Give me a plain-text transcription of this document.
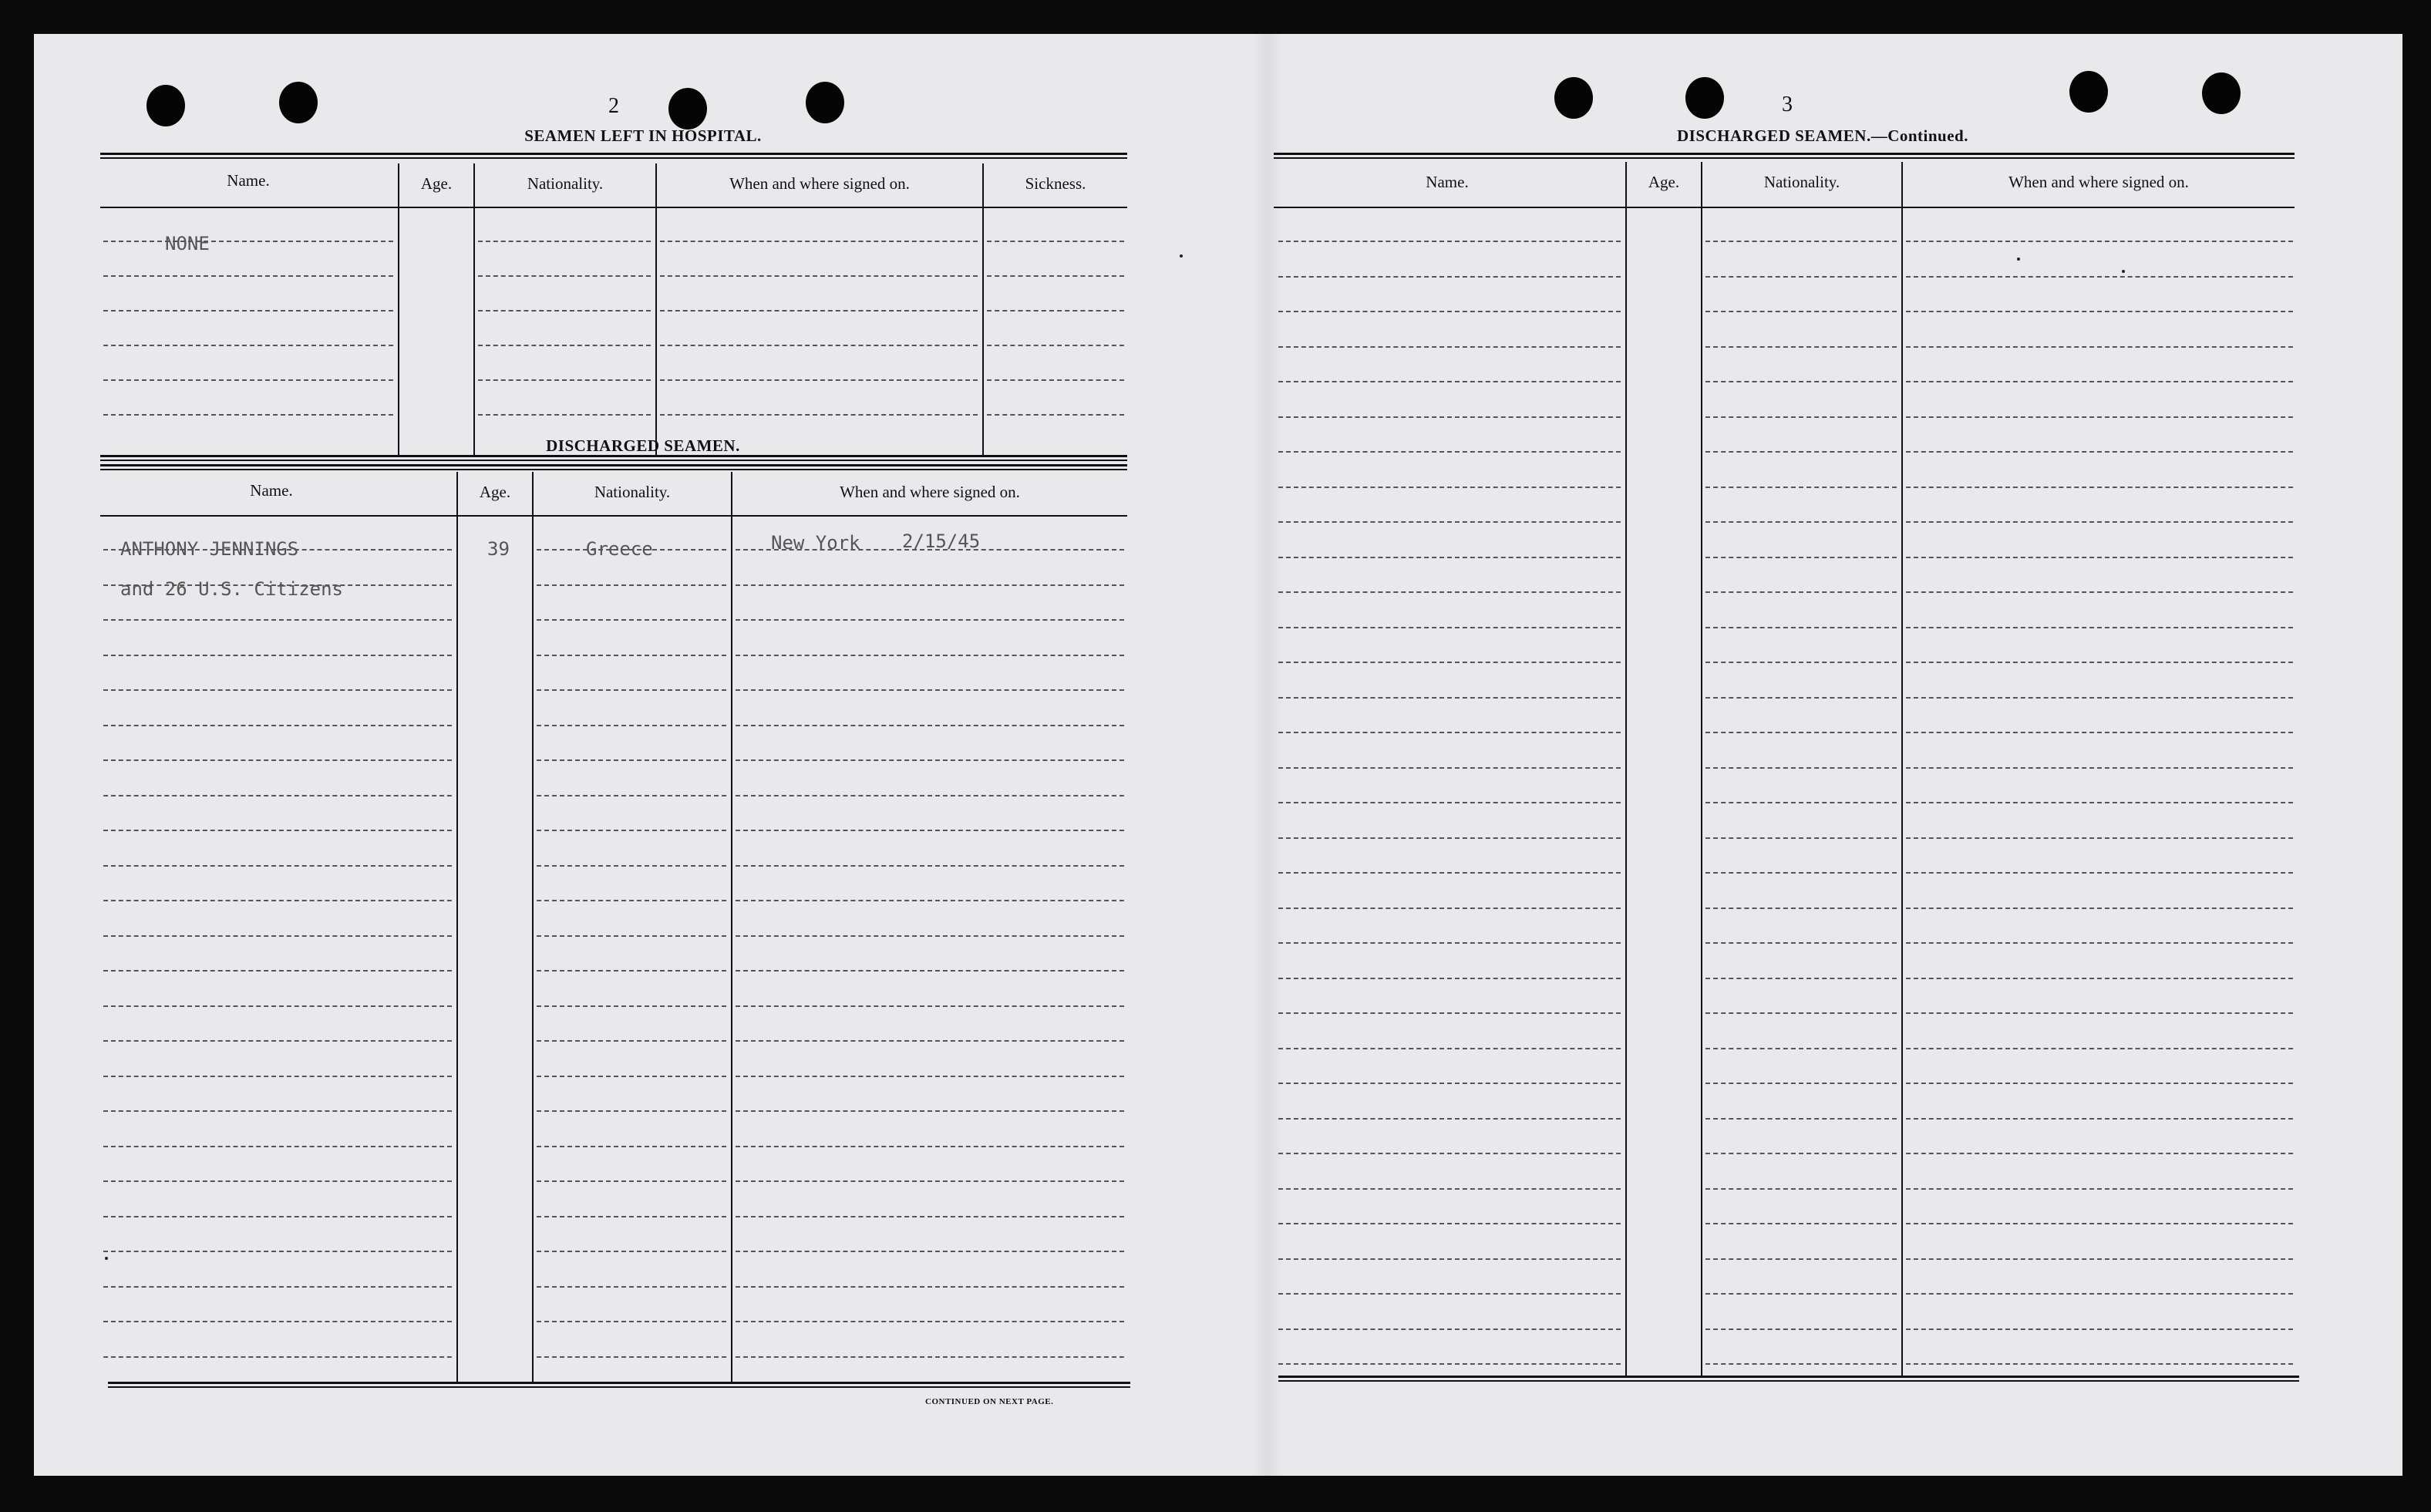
2
SEAMEN LEFT IN HOSPITAL.
Name.	Age.	Nationality.	When and where signed on.	Sickness.
NONE
DISCHARGED SEAMEN.
Name.	Age.	Nationality.	When and where signed on.
ANTHONY JENNINGS	39	Greece	New York 2/15/45
and 26 U.S. Citizens
CONTINUED ON NEXT PAGE.
3
DISCHARGED SEAMEN.—Continued.
Name.	Age.	Nationality.	When and where signed on.
